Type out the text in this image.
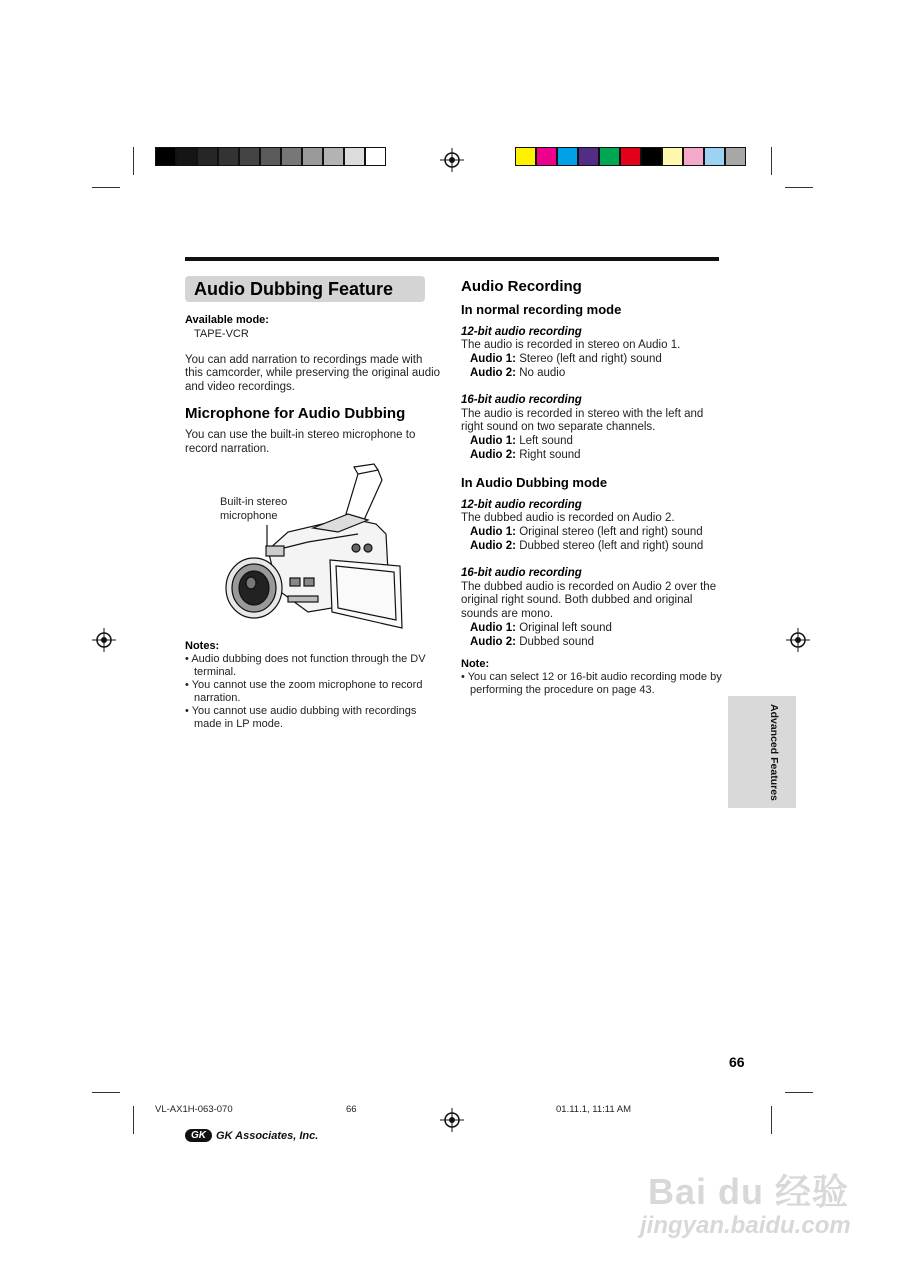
Audio Dubbing Feature

Available mode:

TAPE-VCR

You can add narration to recordings made with this camcorder, while preserving the original audio and video recordings.

Microphone for Audio Dubbing

You can use the built-in stereo microphone to record narration.

Built-in stereo
microphone

Notes:

• Audio dubbing does not function through the DV terminal.

• You cannot use the zoom microphone to record narration.

• You cannot use audio dubbing with recordings made in LP mode.

Audio Recording

In normal recording mode

12-bit audio recording

The audio is recorded in stereo on Audio 1.

Audio 1: Stereo (left and right) sound

Audio 2: No audio

16-bit audio recording

The audio is recorded in stereo with the left and right sound on two separate channels.

Audio 1: Left sound

Audio 2: Right sound

In Audio Dubbing mode

12-bit audio recording

The dubbed audio is recorded on Audio 2.

Audio 1: Original stereo (left and right) sound

Audio 2: Dubbed stereo (left and right) sound

16-bit audio recording

The dubbed audio is recorded on Audio 2 over the original right sound. Both dubbed and original sounds are mono.

Audio 1: Original left sound

Audio 2: Dubbed sound

Note:

• You can select 12 or 16-bit audio recording mode by performing the procedure on page 43.

Advanced Features
66
VL-AX1H-063-070	66	01.11.1, 11:11 AM
GK GK Associates, Inc.
Bai du 经验
jingyan.baidu.com
